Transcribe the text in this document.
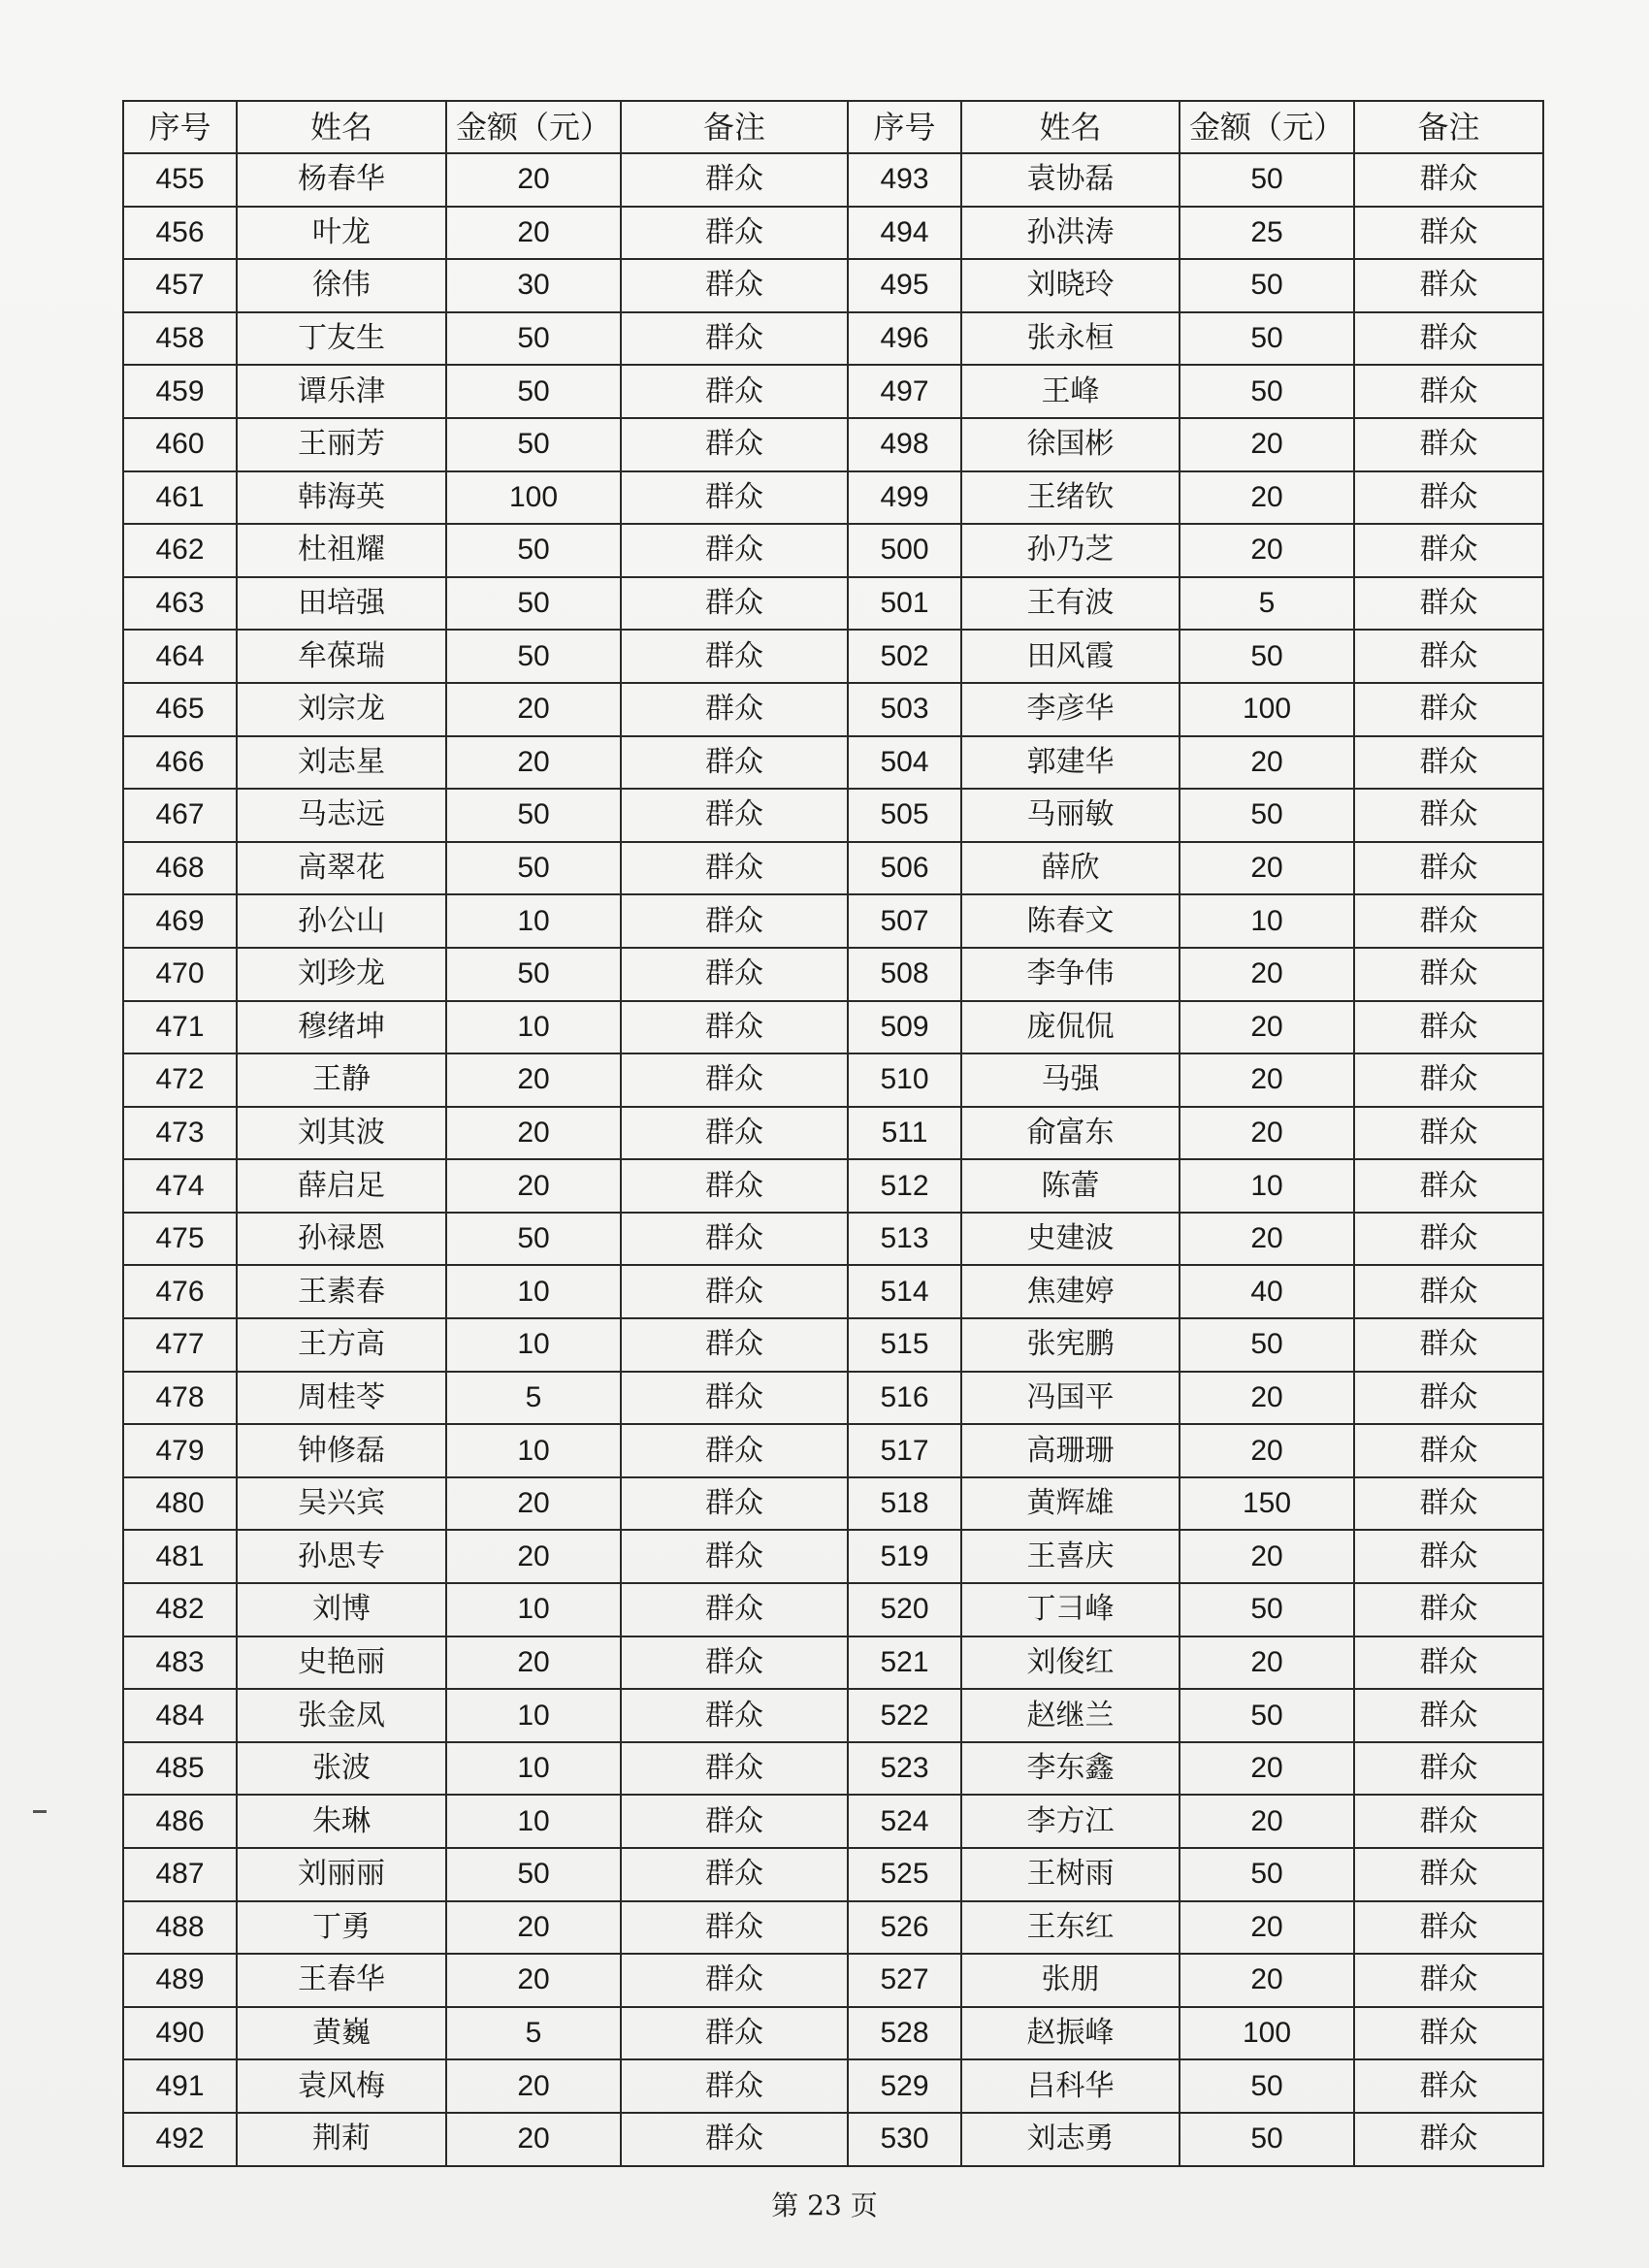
序号	姓名	金额（元）	备注	序号	姓名	金额（元）	备注
455	杨春华	20	群众	493	袁协磊	50	群众
456	叶龙	20	群众	494	孙洪涛	25	群众
457	徐伟	30	群众	495	刘晓玲	50	群众
458	丁友生	50	群众	496	张永桓	50	群众
459	谭乐津	50	群众	497	王峰	50	群众
460	王丽芳	50	群众	498	徐国彬	20	群众
461	韩海英	100	群众	499	王绪钦	20	群众
462	杜祖耀	50	群众	500	孙乃芝	20	群众
463	田培强	50	群众	501	王有波	5	群众
464	牟葆瑞	50	群众	502	田风霞	50	群众
465	刘宗龙	20	群众	503	李彦华	100	群众
466	刘志星	20	群众	504	郭建华	20	群众
467	马志远	50	群众	505	马丽敏	50	群众
468	高翠花	50	群众	506	薛欣	20	群众
469	孙公山	10	群众	507	陈春文	10	群众
470	刘珍龙	50	群众	508	李争伟	20	群众
471	穆绪坤	10	群众	509	庞侃侃	20	群众
472	王静	20	群众	510	马强	20	群众
473	刘其波	20	群众	511	俞富东	20	群众
474	薛启足	20	群众	512	陈蕾	10	群众
475	孙禄恩	50	群众	513	史建波	20	群众
476	王素春	10	群众	514	焦建婷	40	群众
477	王方高	10	群众	515	张宪鹏	50	群众
478	周桂苓	5	群众	516	冯国平	20	群众
479	钟修磊	10	群众	517	高珊珊	20	群众
480	吴兴宾	20	群众	518	黄辉雄	150	群众
481	孙思专	20	群众	519	王喜庆	20	群众
482	刘博	10	群众	520	丁彐峰	50	群众
483	史艳丽	20	群众	521	刘俊红	20	群众
484	张金凤	10	群众	522	赵继兰	50	群众
485	张波	10	群众	523	李东鑫	20	群众
486	朱琳	10	群众	524	李方江	20	群众
487	刘丽丽	50	群众	525	王树雨	50	群众
488	丁勇	20	群众	526	王东红	20	群众
489	王春华	20	群众	527	张朋	20	群众
490	黄巍	5	群众	528	赵振峰	100	群众
491	袁风梅	20	群众	529	吕科华	50	群众
492	荆莉	20	群众	530	刘志勇	50	群众
第 23 页
